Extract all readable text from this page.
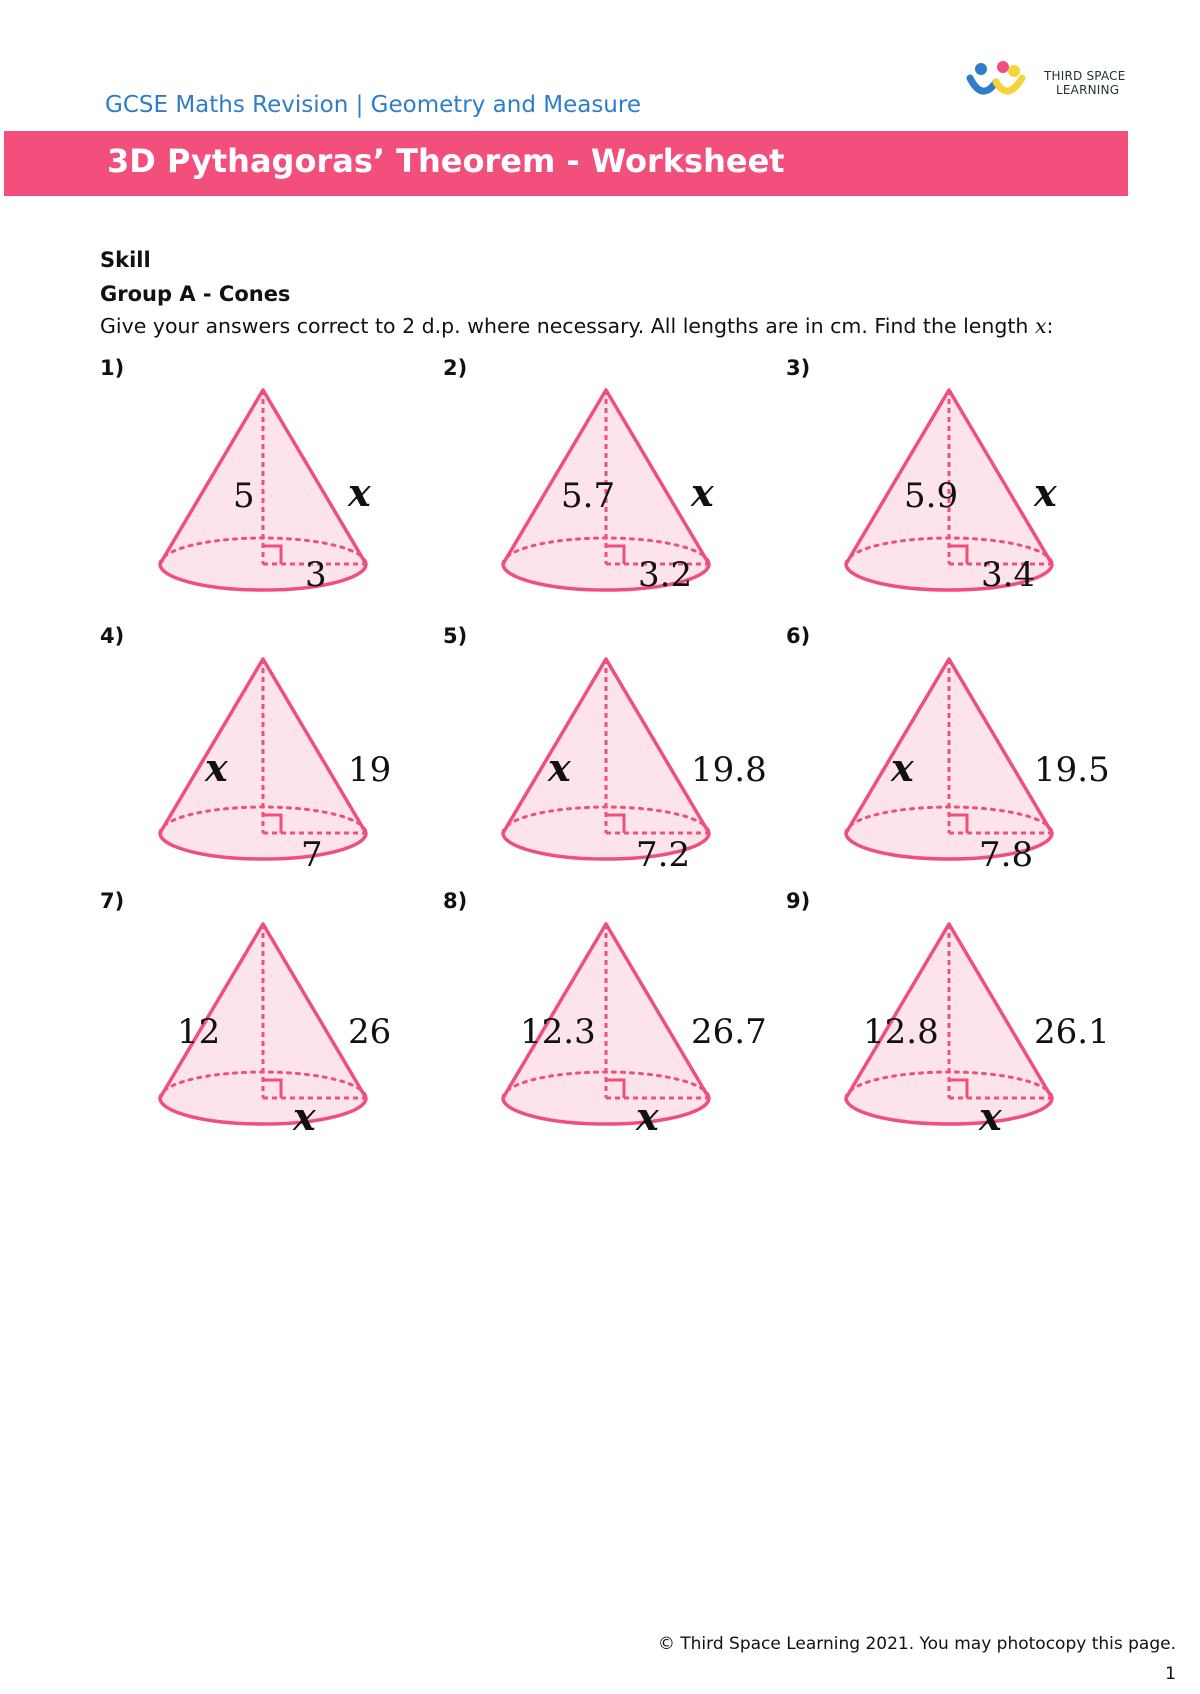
GCSE Maths Revision | Geometry and Measure
THIRD SPACE
LEARNING
3D Pythagoras’ Theorem - Worksheet
Skill
Group A - Cones
Give your answers correct to 2 d.p. where necessary. All lengths are in cm. Find the length x:
1)
5 x
3
2)
5.7 x
3.2
3)
5.9 x
3.4
4)
x	19
7
5)
x	19.8
7.2
6)
x	19.5
7.8
7)
12	26
x
8)
12.3	26.7
x
9)
12.8	26.1
x
© Third Space Learning 2021. You may photocopy this page.
1
